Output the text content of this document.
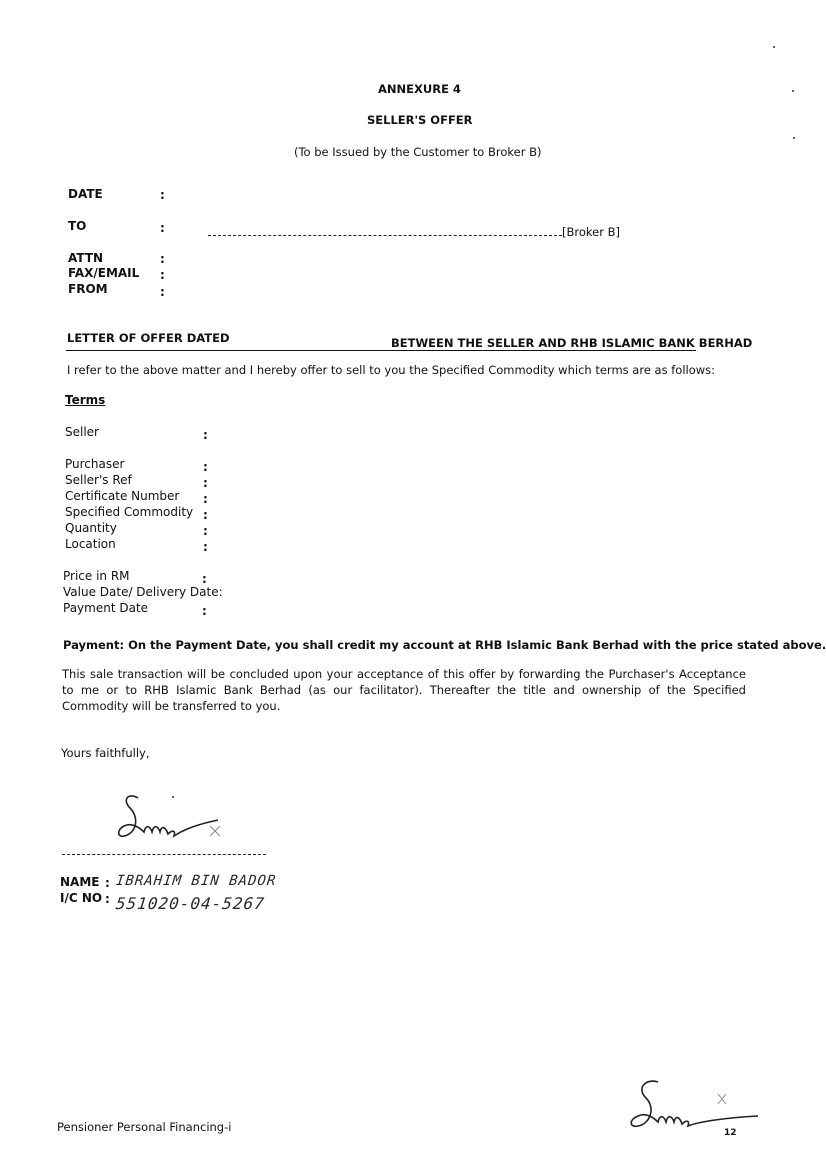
ANNEXURE 4
SELLER'S OFFER
(To be Issued by the Customer to Broker B)
DATE	:
TO	:	[Broker B]
ATTN	:
FAX/EMAIL :
FROM	:
LETTER OF OFFER DATED	BETWEEN THE SELLER AND RHB ISLAMIC BANK BERHAD
I refer to the above matter and I hereby offer to sell to you the Specified Commodity which terms are as follows:
Terms
Seller	:
Purchaser	:
Seller's Ref	:
Certificate Number :
Specified Commodity :
Quantity	:
Location	:
Price in RM	:
Value Date/ Delivery Date:
Payment Date	:
Payment: On the Payment Date, you shall credit my account at RHB Islamic Bank Berhad with the price stated above.
This sale transaction will be concluded upon your acceptance of this offer by forwarding the Purchaser's Acceptance to me or to RHB Islamic Bank Berhad (as our facilitator). Thereafter the title and ownership of the Specified Commodity will be transferred to you.
Yours faithfully,
NAME : IBRAHIM BIN BADOR
I/C NO : 551020-04-5267
Pensioner Personal Financing-i	12
